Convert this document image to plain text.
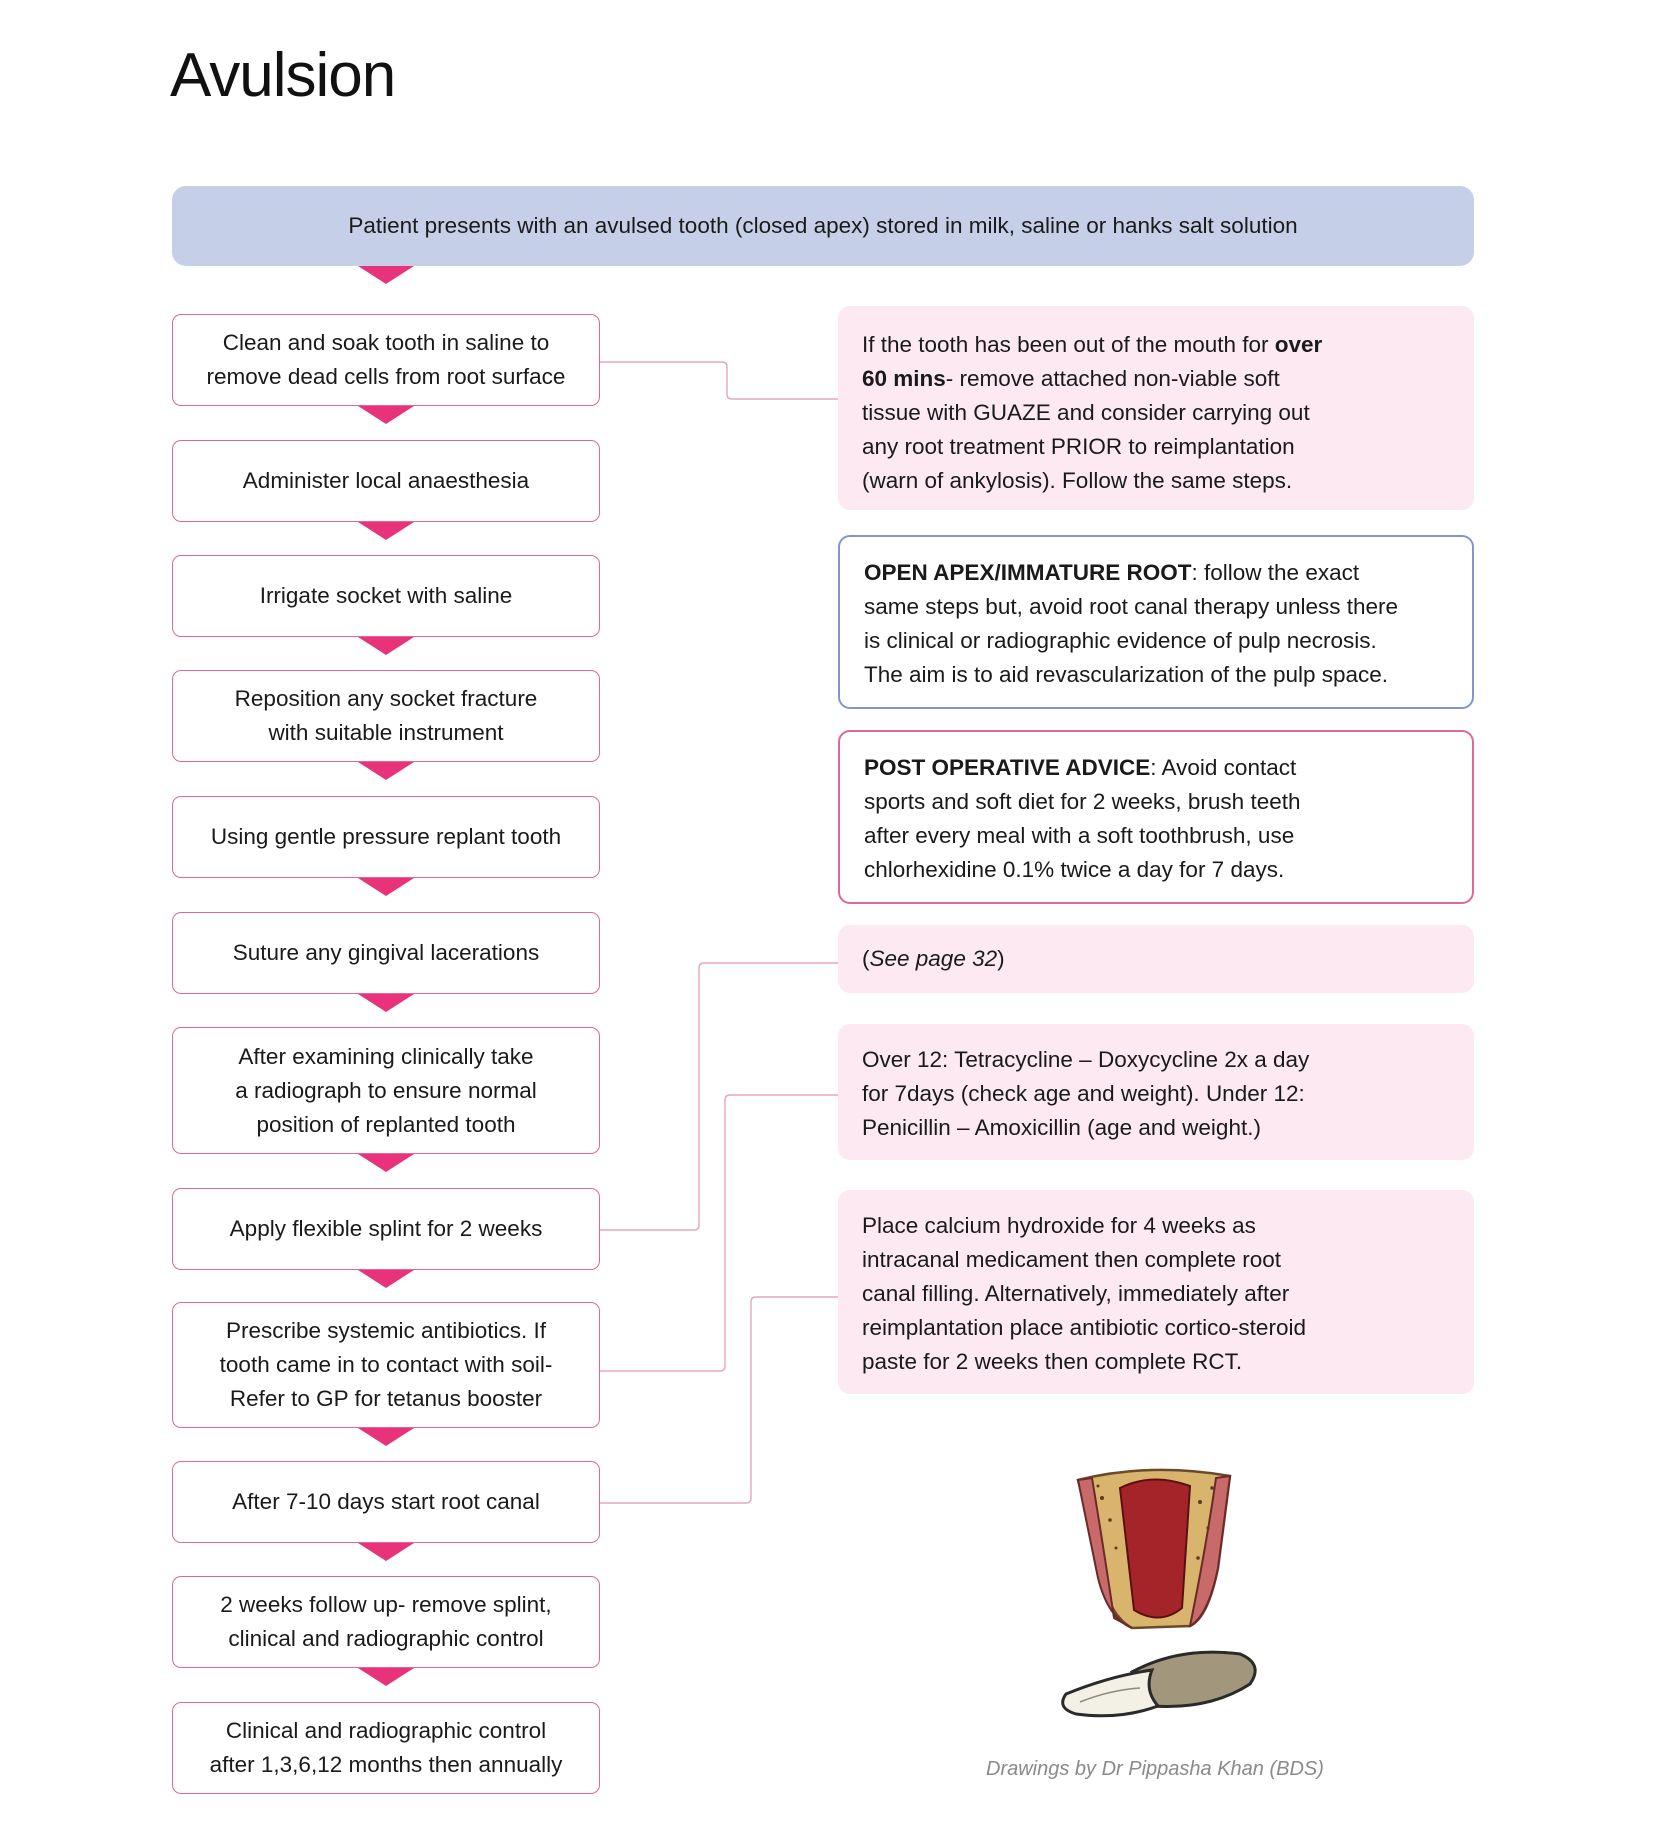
Avulsion
Patient presents with an avulsed tooth (closed apex) stored in milk, saline or hanks salt solution
Clean and soak tooth in saline to
remove dead cells from root surface
Administer local anaesthesia
Irrigate socket with saline
Reposition any socket fracture
with suitable instrument
Using gentle pressure replant tooth
Suture any gingival lacerations
After examining clinically take
a radiograph to ensure normal
position of replanted tooth
Apply flexible splint for 2 weeks
Prescribe systemic antibiotics. If
tooth came in to contact with soil-
Refer to GP for tetanus booster
After 7-10 days start root canal
2 weeks follow up- remove splint,
clinical and radiographic control
Clinical and radiographic control
after 1,3,6,12 months then annually
If the tooth has been out of the mouth for over
60 mins- remove attached non-viable soft
tissue with GUAZE and consider carrying out
any root treatment PRIOR to reimplantation
(warn of ankylosis). Follow the same steps.
OPEN APEX/IMMATURE ROOT: follow the exact
same steps but, avoid root canal therapy unless there
is clinical or radiographic evidence of pulp necrosis.
The aim is to aid revascularization of the pulp space.
POST OPERATIVE ADVICE: Avoid contact
sports and soft diet for 2 weeks, brush teeth
after every meal with a soft toothbrush, use
chlorhexidine 0.1% twice a day for 7 days.
(See page 32)
Over 12: Tetracycline – Doxycycline 2x a day
for 7days (check age and weight). Under 12:
Penicillin – Amoxicillin (age and weight.)
Place calcium hydroxide for 4 weeks as
intracanal medicament then complete root
canal filling. Alternatively, immediately after
reimplantation place antibiotic cortico-steroid
paste for 2 weeks then complete RCT.
Drawings by Dr Pippasha Khan (BDS)
